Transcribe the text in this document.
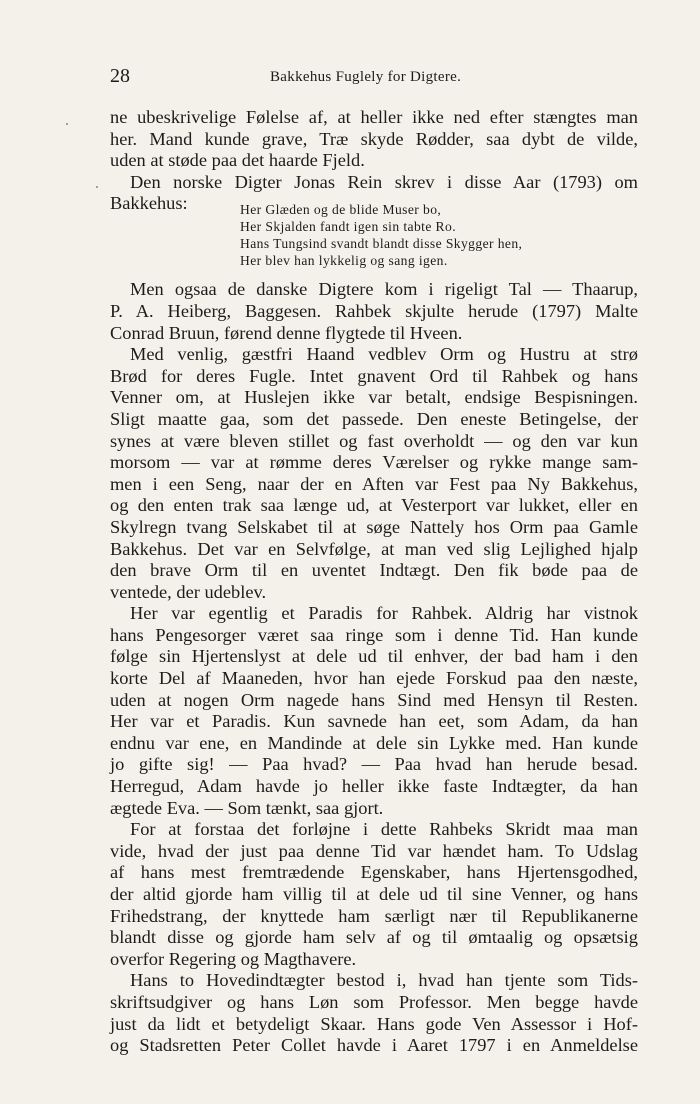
28	Bakkehus Fuglely for Digtere.
ne ubeskrivelige Følelse af, at heller ikke ned efter stængtes man
her. Mand kunde grave, Træ skyde Rødder, saa dybt de vilde,
uden at støde paa det haarde Fjeld.
Den norske Digter Jonas Rein skrev i disse Aar (1793) om
Bakkehus:	Her Glæden og de blide Muser bo,
Her Skjalden fandt igen sin tabte Ro.
Hans Tungsind svandt blandt disse Skygger hen,
Her blev han lykkelig og sang igen.
Men ogsaa de danske Digtere kom i rigeligt Tal — Thaarup,
P. A. Heiberg, Baggesen. Rahbek skjulte herude (1797) Malte
Conrad Bruun, førend denne flygtede til Hveen.
Med venlig, gæstfri Haand vedblev Orm og Hustru at strø
Brød for deres Fugle. Intet gnavent Ord til Rahbek og hans
Venner om, at Huslejen ikke var betalt, endsige Bespisningen.
Sligt maatte gaa, som det passede. Den eneste Betingelse, der
synes at være bleven stillet og fast overholdt — og den var kun
morsom — var at rømme deres Værelser og rykke mange sam-
men i een Seng, naar der en Aften var Fest paa Ny Bakkehus,
og den enten trak saa længe ud, at Vesterport var lukket, eller en
Skylregn tvang Selskabet til at søge Nattely hos Orm paa Gamle
Bakkehus. Det var en Selvfølge, at man ved slig Lejlighed hjalp
den brave Orm til en uventet Indtægt. Den fik bøde paa de
ventede, der udeblev.
Her var egentlig et Paradis for Rahbek. Aldrig har vistnok
hans Pengesorger været saa ringe som i denne Tid. Han kunde
følge sin Hjertenslyst at dele ud til enhver, der bad ham i den
korte Del af Maaneden, hvor han ejede Forskud paa den næste,
uden at nogen Orm nagede hans Sind med Hensyn til Resten.
Her var et Paradis. Kun savnede han eet, som Adam, da han
endnu var ene, en Mandinde at dele sin Lykke med. Han kunde
jo gifte sig! — Paa hvad? — Paa hvad han herude besad.
Herregud, Adam havde jo heller ikke faste Indtægter, da han
ægtede Eva. — Som tænkt, saa gjort.
For at forstaa det forløjne i dette Rahbeks Skridt maa man
vide, hvad der just paa denne Tid var hændet ham. To Udslag
af hans mest fremtrædende Egenskaber, hans Hjertensgodhed,
der altid gjorde ham villig til at dele ud til sine Venner, og hans
Frihedstrang, der knyttede ham særligt nær til Republikanerne
blandt disse og gjorde ham selv af og til ømtaalig og opsætsig
overfor Regering og Magthavere.
Hans to Hovedindtægter bestod i, hvad han tjente som Tids-
skriftsudgiver og hans Løn som Professor. Men begge havde
just da lidt et betydeligt Skaar. Hans gode Ven Assessor i Hof-
og Stadsretten Peter Collet havde i Aaret 1797 i en Anmeldelse
